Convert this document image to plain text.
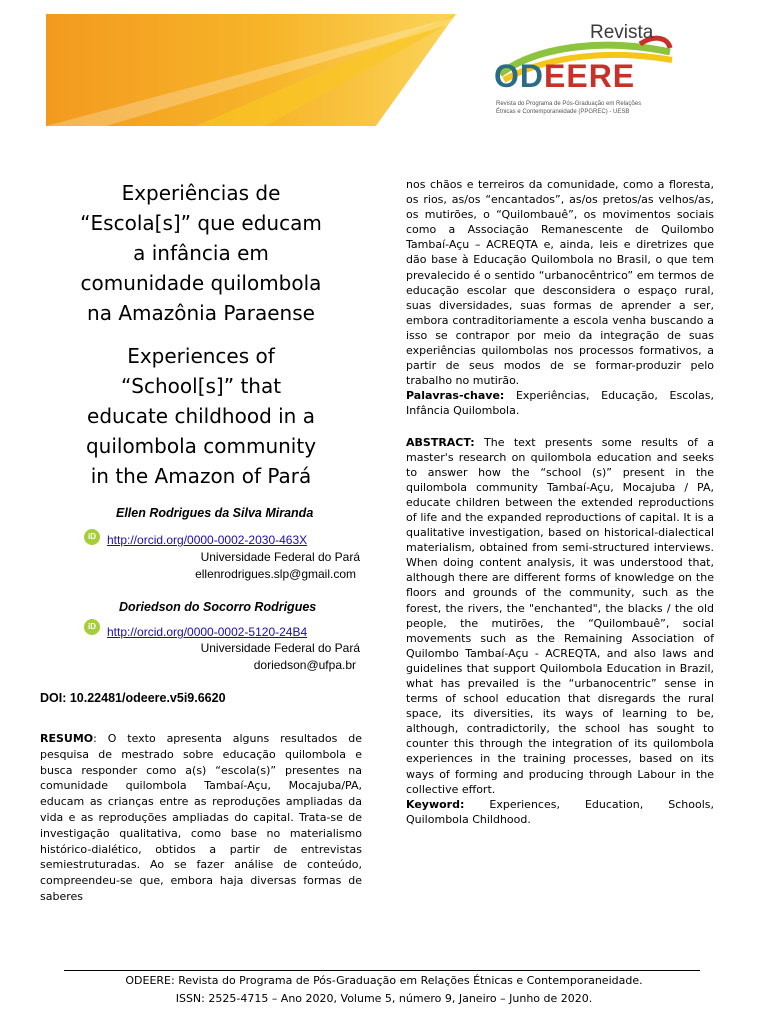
Revista
ODEERE
Revista do Programa de Pós-Graduação em Relações
Étnicas e Contemporaneidade (PPGREC) - UESB
Experiências de
“Escola[s]” que educam
a infância em
comunidade quilombola
na Amazônia Paraense
Experiences of
“School[s]” that
educate childhood in a
quilombola community
in the Amazon of Pará
Ellen Rodrigues da Silva Miranda
iD http://orcid.org/0000-0002-2030-463X
Universidade Federal do Pará
ellenrodrigues.slp@gmail.com
Doriedson do Socorro Rodrigues
iD http://orcid.org/0000-0002-5120-24B4
Universidade Federal do Pará
doriedson@ufpa.br
DOI: 10.22481/odeere.v5i9.6620
RESUMO: O texto apresenta alguns resultados de pesquisa de mestrado sobre educação quilombola e busca responder como a(s) “escola(s)” presentes na comunidade quilombola Tambaí-Açu, Mocajuba/PA, educam as crianças entre as reproduções ampliadas da vida e as reproduções ampliadas do capital. Trata-se de investigação qualitativa, como base no materialismo histórico-dialético, obtidos a partir de entrevistas semiestruturadas. Ao se fazer análise de conteúdo, compreendeu-se que, embora haja diversas formas de saberes

nos chãos e terreiros da comunidade, como a floresta, os rios, as/os “encantados”, as/os pretos/as velhos/as, os mutirões, o “Quilombauê”, os movimentos sociais como a Associação Remanescente de Quilombo Tambaí-Açu – ACREQTA e, ainda, leis e diretrizes que dão base à Educação Quilombola no Brasil, o que tem prevalecido é o sentido “urbanocêntrico” em termos de educação escolar que desconsidera o espaço rural, suas diversidades, suas formas de aprender a ser, embora contraditoriamente a escola venha buscando a isso se contrapor por meio da integração de suas experiências quilombolas nos processos formativos, a partir de seus modos de se formar-produzir pelo trabalho no mutirão.

Palavras-chave: Experiências, Educação, Escolas, Infância Quilombola.

ABSTRACT: The text presents some results of a master's research on quilombola education and seeks to answer how the “school (s)” present in the quilombola community Tambaí-Açu, Mocajuba / PA, educate children between the extended reproductions of life and the expanded reproductions of capital. It is a qualitative investigation, based on historical-dialectical materialism, obtained from semi-structured interviews. When doing content analysis, it was understood that, although there are different forms of knowledge on the floors and grounds of the community, such as the forest, the rivers, the "enchanted", the blacks / the old people, the mutirões, the “Quilombauê”, social movements such as the Remaining Association of Quilombo Tambaí-Açu - ACREQTA, and also laws and guidelines that support Quilombola Education in Brazil, what has prevailed is the “urbanocentric” sense in terms of school education that disregards the rural space, its diversities, its ways of learning to be, although, contradictorily, the school has sought to counter this through the integration of its quilombola experiences in the training processes, based on its ways of forming and producing through Labour in the collective effort.

Keyword: Experiences, Education, Schools, Quilombola Childhood.

ODEERE: Revista do Programa de Pós-Graduação em Relações Étnicas e Contemporaneidade.
ISSN: 2525-4715 – Ano 2020, Volume 5, número 9, Janeiro – Junho de 2020.
